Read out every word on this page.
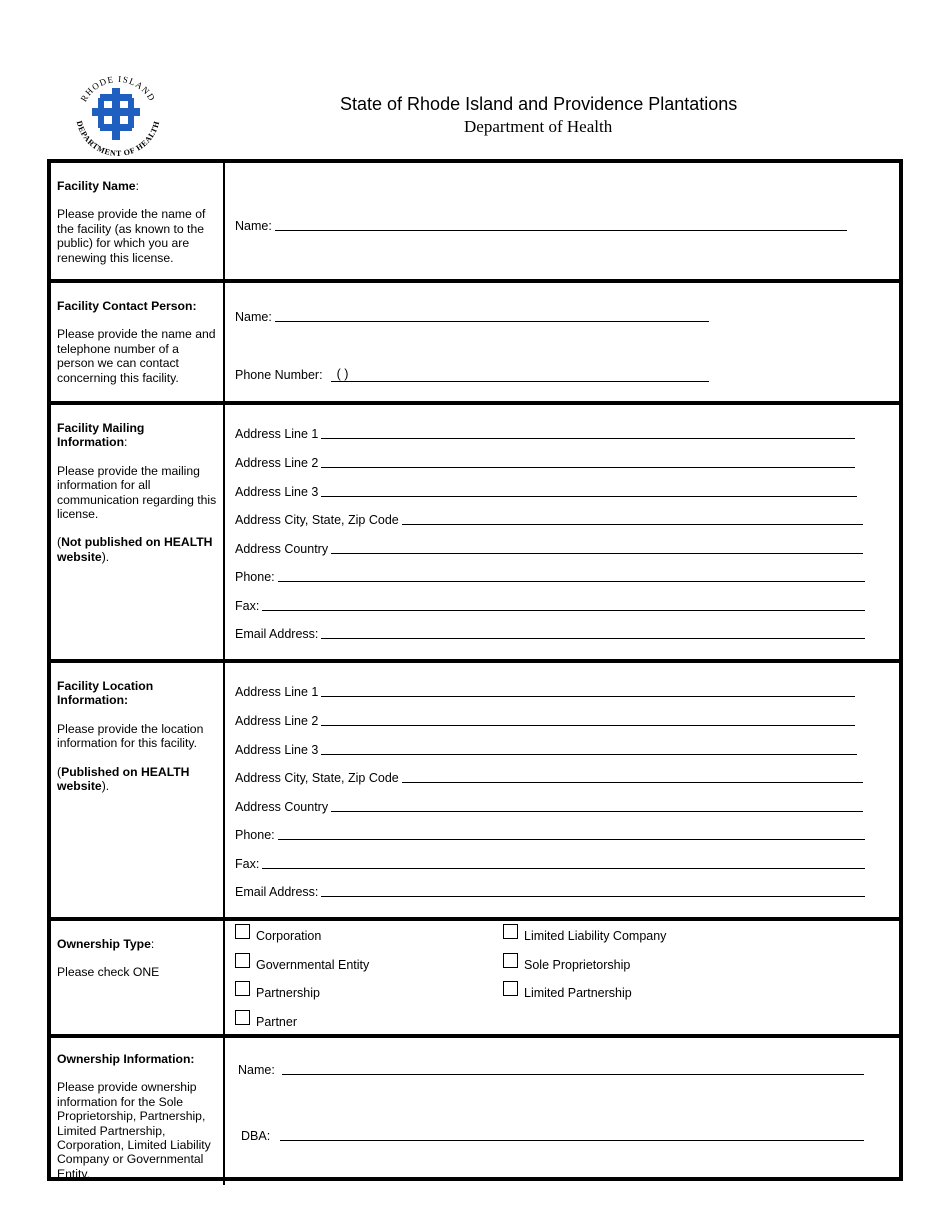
RHODE ISLAND
DEPARTMENT OF HEALTH
State of Rhode Island and Providence Plantations
Department of Health

Facility Name:

Please provide the name of the facility (as known to the public) for which you are renewing this license.

Name:

Facility Contact Person:

Please provide the name and telephone number of a person we can contact concerning this facility.

Name:
Phone Number:	( )

Facility Mailing Information:

Please provide the mailing information for all communication regarding this license.

(Not published on HEALTH website).

Address Line 1
Address Line 2
Address Line 3
Address City, State, Zip Code
Address Country
Phone:
Fax:
Email Address:

Facility Location Information:

Please provide the location information for this facility.

(Published on HEALTH website).

Address Line 1
Address Line 2
Address Line 3
Address City, State, Zip Code
Address Country
Phone:
Fax:
Email Address:

Ownership Type:

Please check ONE

Corporation	Limited Liability Company
Governmental Entity	Sole Proprietorship
Partnership	Limited Partnership
Partner

Ownership Information:

Please provide ownership information for the Sole Proprietorship, Partnership, Limited Partnership, Corporation, Limited Liability Company or Governmental Entity.

Name:
DBA:
